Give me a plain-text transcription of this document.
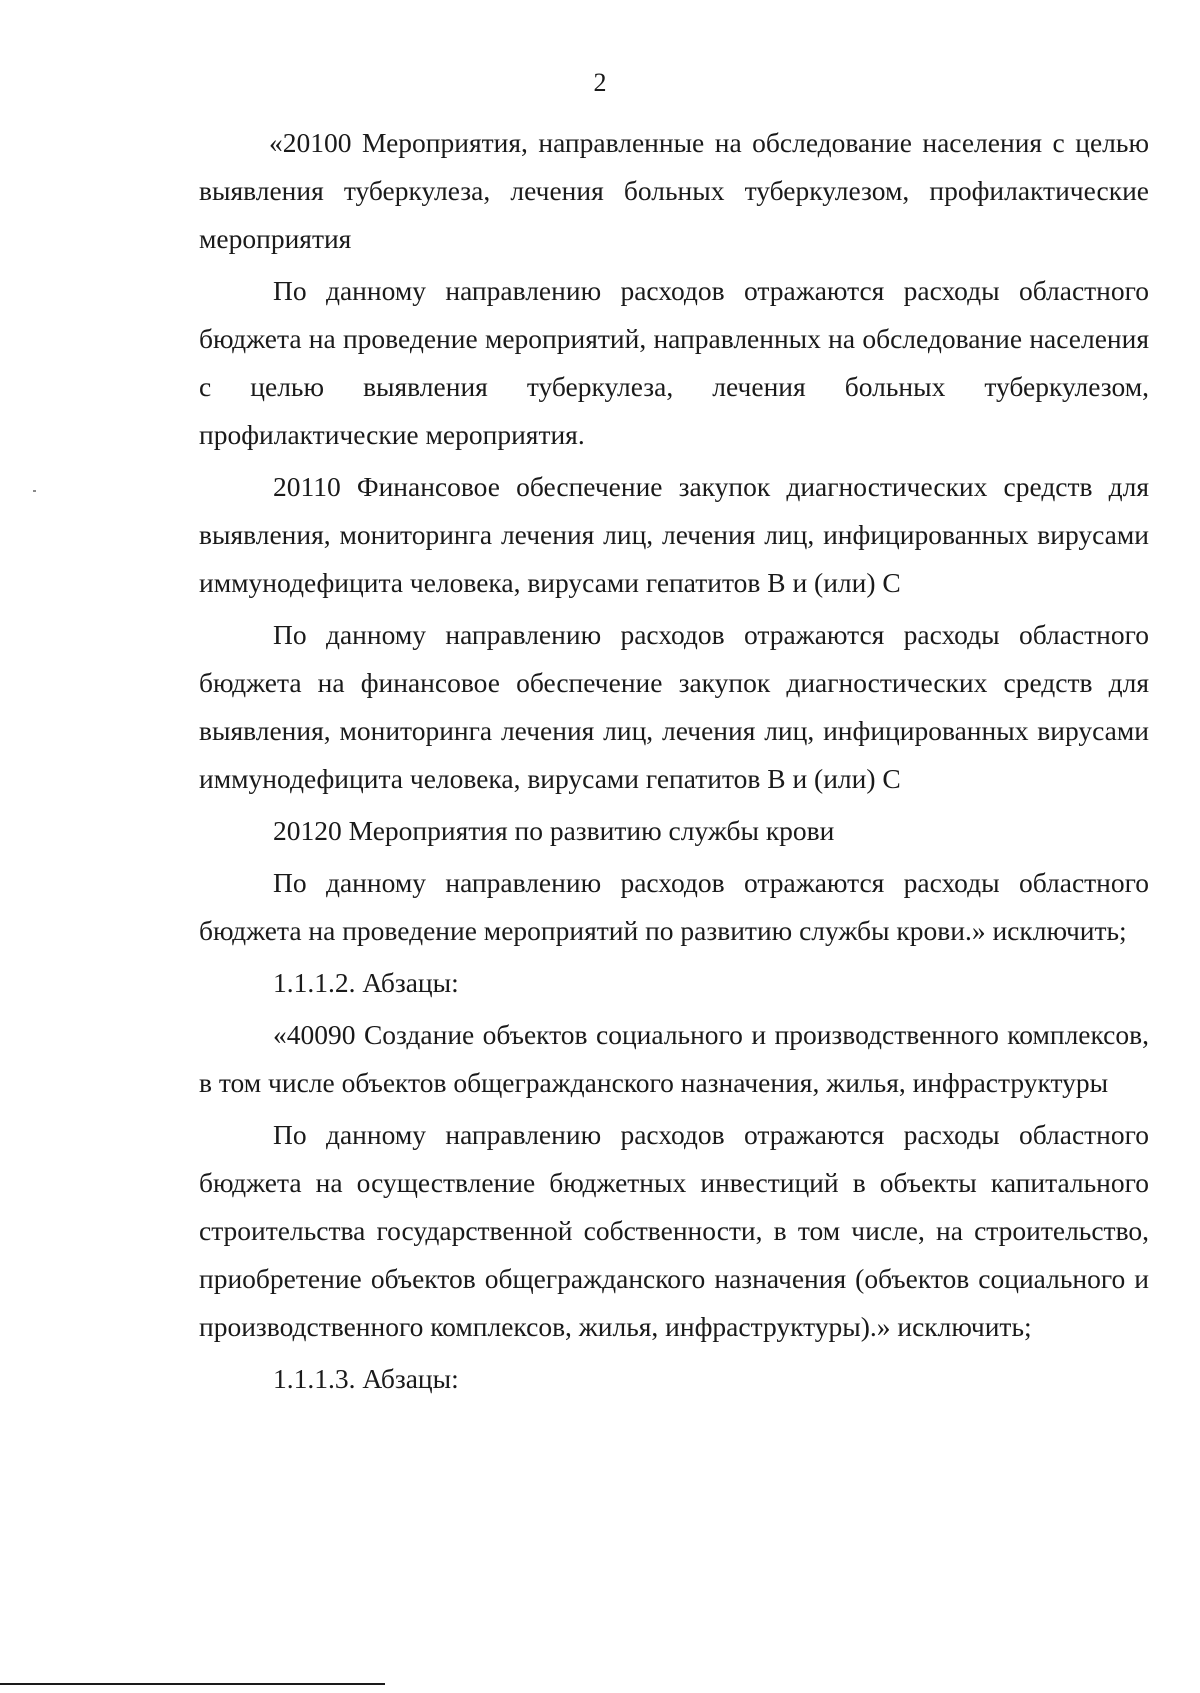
2

«20100 Мероприятия, направленные на обследование населения с целью выявления туберкулеза, лечения больных туберкулезом, профилактические мероприятия

По данному направлению расходов отражаются расходы областного бюджета на проведение мероприятий, направленных на обследование населения с целью выявления туберкулеза, лечения больных туберкулезом, профилактические мероприятия.

20110 Финансовое обеспечение закупок диагностических средств для выявления, мониторинга лечения лиц, лечения лиц, инфицированных вирусами иммунодефицита человека, вирусами гепатитов В и (или) С

По данному направлению расходов отражаются расходы областного бюджета на финансовое обеспечение закупок диагностических средств для выявления, мониторинга лечения лиц, лечения лиц, инфицированных вирусами иммунодефицита человека, вирусами гепатитов В и (или) С

20120 Мероприятия по развитию службы крови

По данному направлению расходов отражаются расходы областного бюджета на проведение мероприятий по развитию службы крови.» исключить;

1.1.1.2. Абзацы:

«40090 Создание объектов социального и производственного комплексов, в том числе объектов общегражданского назначения, жилья, инфраструктуры

По данному направлению расходов отражаются расходы областного бюджета на осуществление бюджетных инвестиций в объекты капитального строительства государственной собственности, в том числе, на строительство, приобретение объектов общегражданского назначения (объектов социального и производственного комплексов, жилья, инфраструктуры).» исключить;

1.1.1.3. Абзацы:
